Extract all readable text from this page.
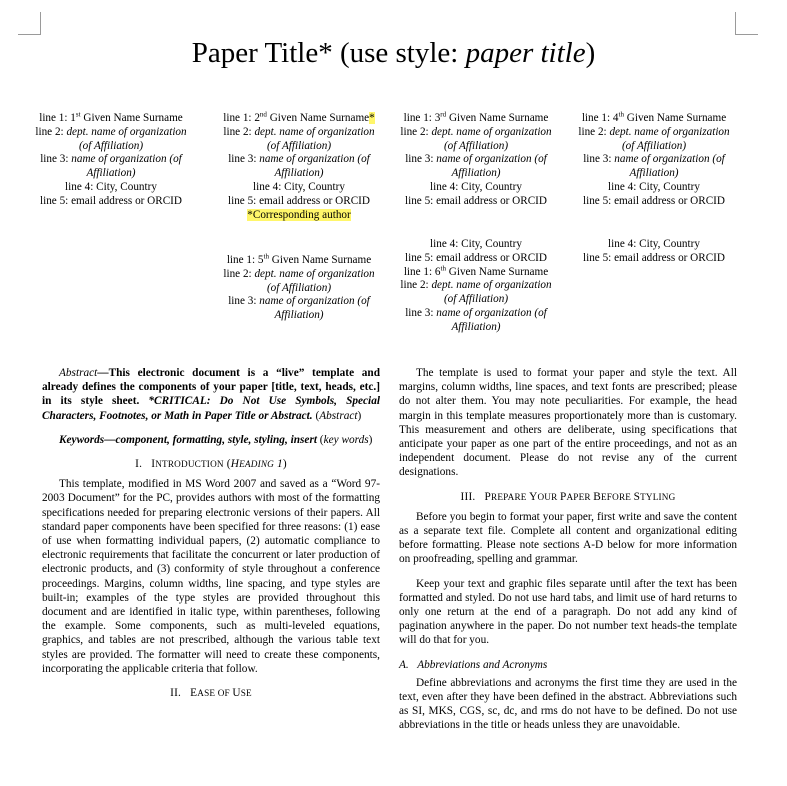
Paper Title* (use style: paper title)
line 1: 1st Given Name Surname
line 2: dept. name of organization
(of Affiliation)
line 3: name of organization (of
Affiliation)
line 4: City, Country
line 5: email address or ORCID
line 1: 2nd Given Name Surname*
line 2: dept. name of organization
(of Affiliation)
line 3: name of organization (of
Affiliation)
line 4: City, Country
line 5: email address or ORCID
*Corresponding author
line 1: 3rd Given Name Surname
line 2: dept. name of organization
(of Affiliation)
line 3: name of organization (of
Affiliation)
line 4: City, Country
line 5: email address or ORCID
line 1: 4th Given Name Surname
line 2: dept. name of organization
(of Affiliation)
line 3: name of organization (of
Affiliation)
line 4: City, Country
line 5: email address or ORCID
line 1: 5th Given Name Surname
line 2: dept. name of organization
(of Affiliation)
line 3: name of organization (of
Affiliation)
line 4: City, Country
line 5: email address or ORCID
line 1: 6th Given Name Surname
line 2: dept. name of organization
(of Affiliation)
line 3: name of organization (of
Affiliation)
line 4: City, Country
line 5: email address or ORCID

Abstract—This electronic document is a “live” template and already defines the components of your paper [title, text, heads, etc.] in its style sheet. *CRITICAL: Do Not Use Symbols, Special Characters, Footnotes, or Math in Paper Title or Abstract. (Abstract)

Keywords—component, formatting, style, styling, insert (key words)

I. INTRODUCTION (HEADING 1)

This template, modified in MS Word 2007 and saved as a “Word 97-2003 Document” for the PC, provides authors with most of the formatting specifications needed for preparing electronic versions of their papers. All standard paper components have been specified for three reasons: (1) ease of use when formatting individual papers, (2) automatic compliance to electronic requirements that facilitate the concurrent or later production of electronic products, and (3) conformity of style throughout a conference proceedings. Margins, column widths, line spacing, and type styles are built-in; examples of the type styles are provided throughout this document and are identified in italic type, within parentheses, following the example. Some components, such as multi-leveled equations, graphics, and tables are not prescribed, although the various table text styles are provided. The formatter will need to create these components, incorporating the applicable criteria that follow.

II. EASE OF USE

The template is used to format your paper and style the text. All margins, column widths, line spaces, and text fonts are prescribed; please do not alter them. You may note peculiarities. For example, the head margin in this template measures proportionately more than is customary. This measurement and others are deliberate, using specifications that anticipate your paper as one part of the entire proceedings, and not as an independent document. Please do not revise any of the current designations.

III. PREPARE YOUR PAPER BEFORE STYLING

Before you begin to format your paper, first write and save the content as a separate text file. Complete all content and organizational editing before formatting. Please note sections A-D below for more information on proofreading, spelling and grammar.

Keep your text and graphic files separate until after the text has been formatted and styled. Do not use hard tabs, and limit use of hard returns to only one return at the end of a paragraph. Do not add any kind of pagination anywhere in the paper. Do not number text heads-the template will do that for you.

A.   Abbreviations and Acronyms

Define abbreviations and acronyms the first time they are used in the text, even after they have been defined in the abstract. Abbreviations such as SI, MKS, CGS, sc, dc, and rms do not have to be defined. Do not use abbreviations in the title or heads unless they are unavoidable.
